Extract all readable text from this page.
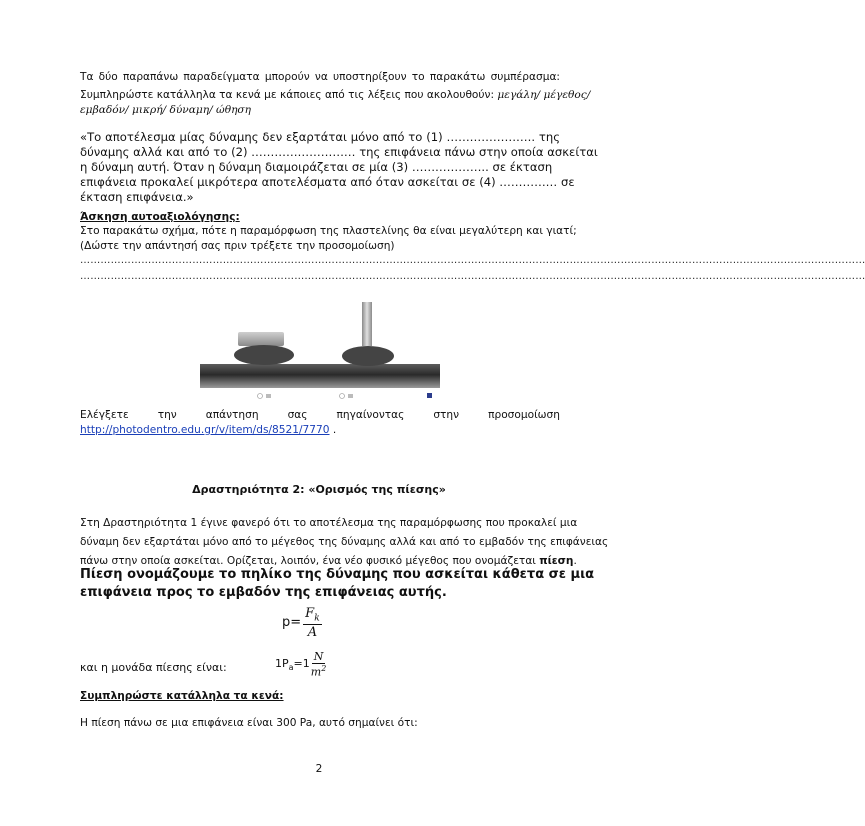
Τα δύο παραπάνω παραδείγματα μπορούν να υποστηρίξουν το παρακάτω συμπέρασμα:
Συμπληρώστε κατάλληλα τα κενά με κάποιες από τις λέξεις που ακολουθούν: μεγάλη/ μέγεθος/
εμβαδόν/ μικρή/ δύναμη/ ώθηση
«Το αποτέλεσμα μίας δύναμης δεν εξαρτάται μόνο από το (1) ………………….. της
δύναμης αλλά και από το (2) ……………………… της επιφάνεια πάνω στην οποία ασκείται
η δύναμη αυτή. Όταν η δύναμη διαμοιράζεται σε μία (3) ……………….. σε έκταση
επιφάνεια προκαλεί μικρότερα αποτελέσματα από όταν ασκείται σε (4) …………… σε
έκταση επιφάνεια.»
Άσκηση αυτοαξιολόγησης:
Στο παρακάτω σχήμα, πότε η παραμόρφωση της πλαστελίνης θα είναι μεγαλύτερη και γιατί;
(Δώστε την απάντησή σας πριν τρέξετε την προσομοίωση)
……………………………………………………………………………………………………………………………………………………………………………………………………………
……………………………………………………………………………………………………………………………………………………………………………………………………………
Ελέγξετε	την	απάντηση	σας	πηγαίνοντας	στην	προσομοίωση
http://photodentro.edu.gr/v/item/ds/8521/7770 .
Δραστηριότητα 2: «Ορισμός της πίεσης»
Στη Δραστηριότητα 1 έγινε φανερό ότι το αποτέλεσμα της παραμόρφωσης που προκαλεί μια
δύναμη δεν εξαρτάται μόνο από το μέγεθος της δύναμης αλλά και από το εμβαδόν της επιφάνειας
πάνω στην οποία ασκείται. Ορίζεται, λοιπόν, ένα νέο φυσικό μέγεθος που ονομάζεται πίεση.
Πίεση ονομάζουμε το πηλίκο της δύναμης που ασκείται κάθετα σε μια
επιφάνεια προς το εμβαδόν της επιφάνειας αυτής.
$p= \frac{F_k}{A}$
και η μονάδα πίεσης είναι:	$1P_a=1 \frac{N}{m^2}$
Συμπληρώστε κατάλληλα τα κενά:
Η πίεση πάνω σε μια επιφάνεια είναι 300 Pa, αυτό σημαίνει ότι:
2
